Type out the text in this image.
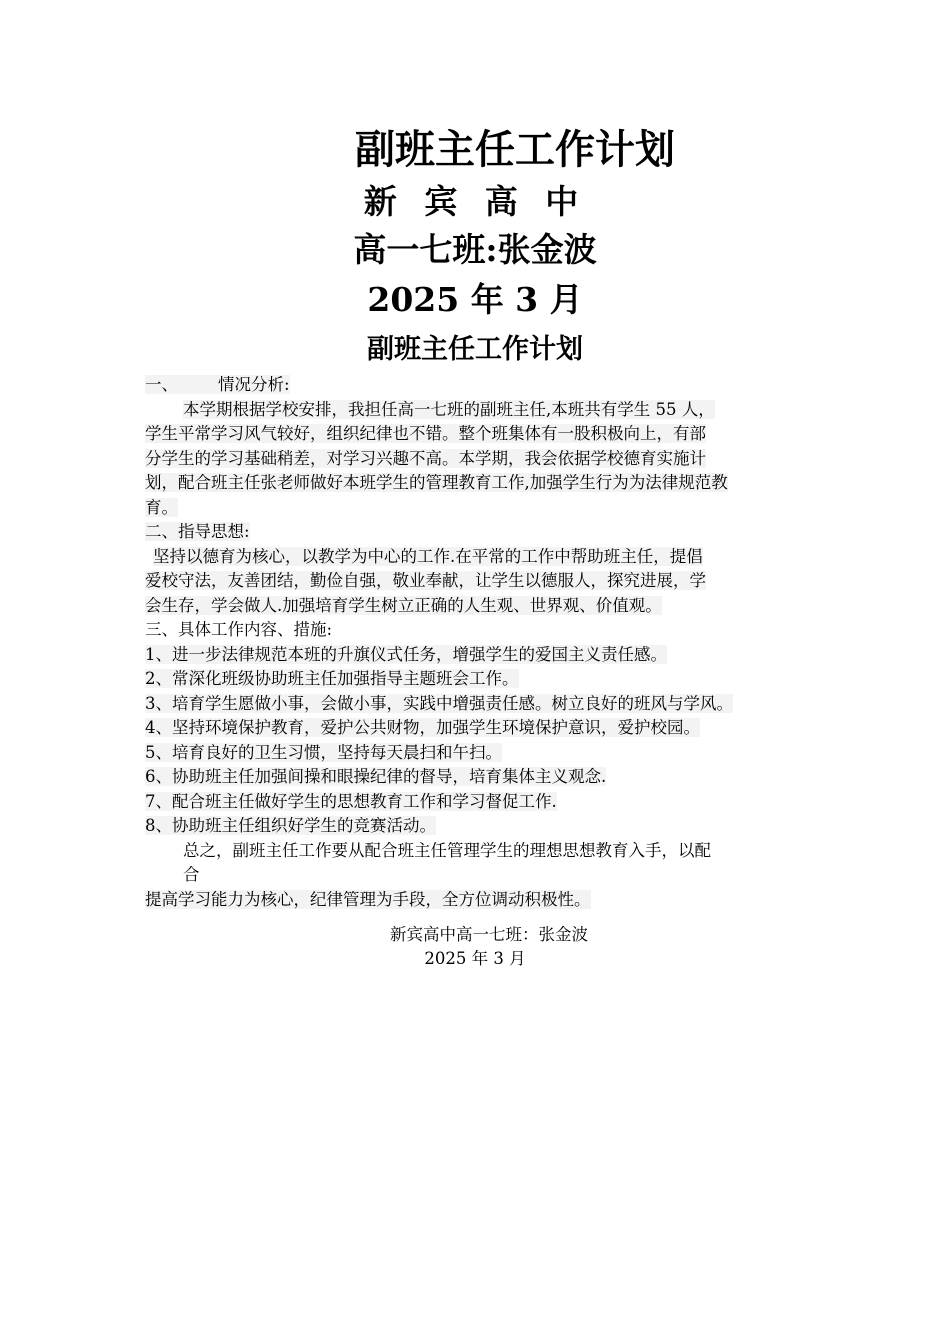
副班主任工作计划
新 宾 高 中
高一七班:张金波
2025 年 3 月
副班主任工作计划
一、 情况分析:
本学期根据学校安排，我担任高一七班的副班主任,本班共有学生 55 人，
学生平常学习风气较好，组织纪律也不错。整个班集体有一股积极向上，有部
分学生的学习基础稍差，对学习兴趣不高。本学期，我会依据学校德育实施计
划，配合班主任张老师做好本班学生的管理教育工作,加强学生行为为法律规范教
育。
二、指导思想:
坚持以德育为核心，以教学为中心的工作.在平常的工作中帮助班主任，提倡
爱校守法，友善团结，勤俭自强，敬业奉献，让学生以德服人，探究进展，学
会生存，学会做人.加强培育学生树立正确的人生观、世界观、价值观。
三、具体工作内容、措施:
1、进一步法律规范本班的升旗仪式任务，增强学生的爱国主义责任感。
2、常深化班级协助班主任加强指导主题班会工作。
3、培育学生愿做小事，会做小事，实践中增强责任感。树立良好的班风与学风。
4、坚持环境保护教育，爱护公共财物，加强学生环境保护意识，爱护校园。
5、培育良好的卫生习惯，坚持每天晨扫和午扫。
6、协助班主任加强间操和眼操纪律的督导，培育集体主义观念.
7、配合班主任做好学生的思想教育工作和学习督促工作.
8、协助班主任组织好学生的竞赛活动。
总之，副班主任工作要从配合班主任管理学生的理想思想教育入手，以配
合
提高学习能力为核心，纪律管理为手段，全方位调动积极性。
新宾高中高一七班：张金波
2025 年 3 月
